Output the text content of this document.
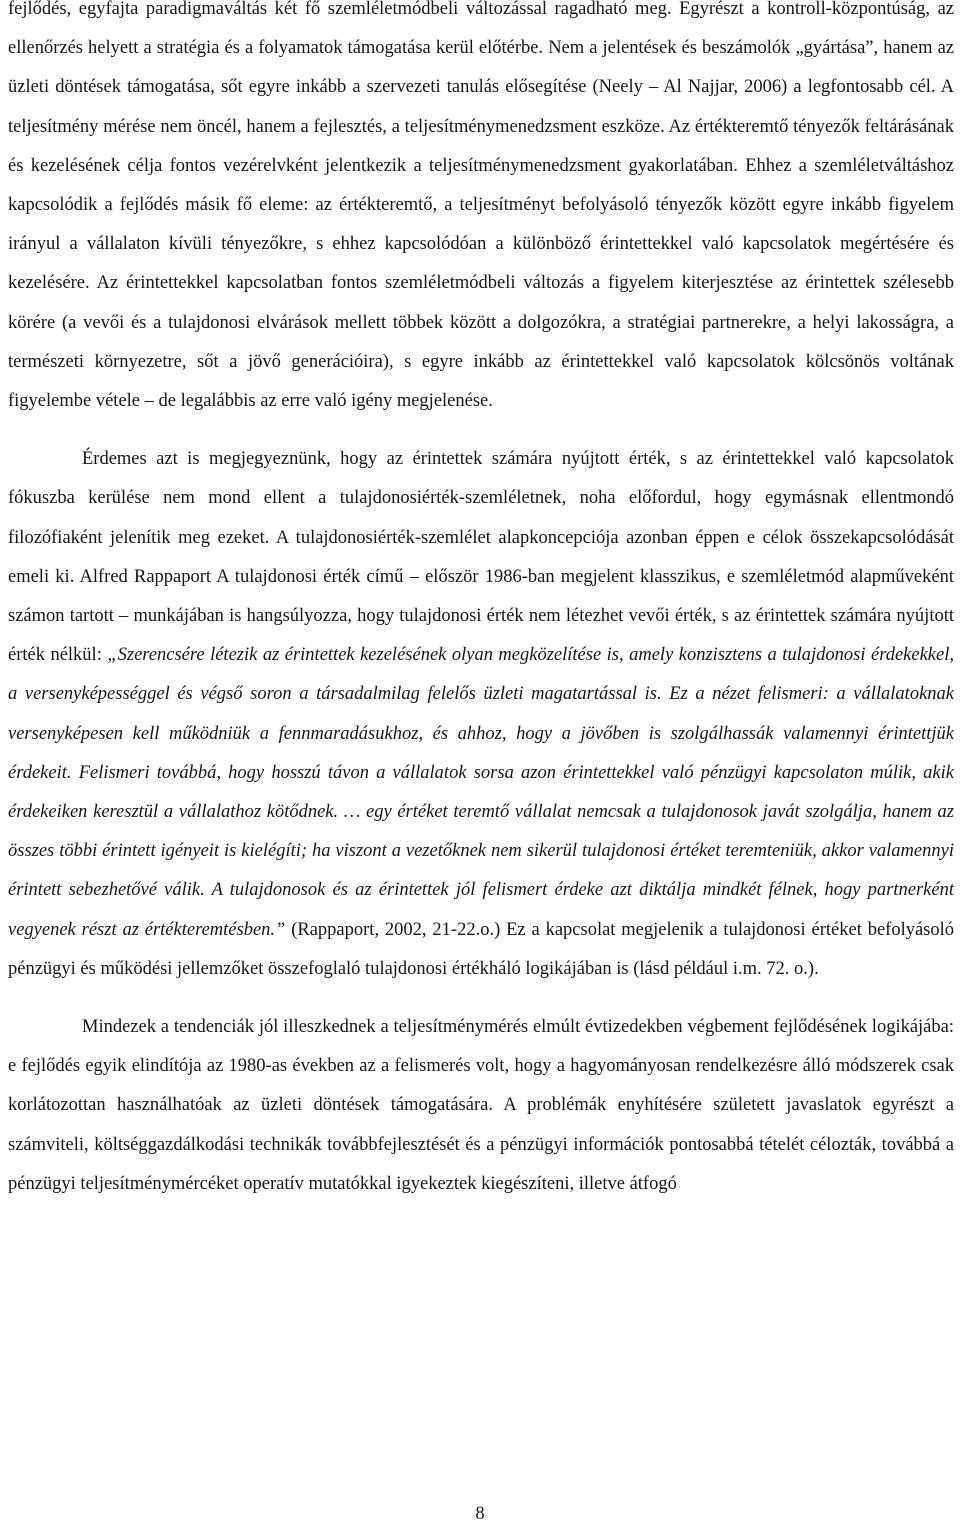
fejlődés, egyfajta paradigmaváltás két fő szemléletmódbeli változással ragadható meg. Egyrészt a kontroll-központúság, az ellenőrzés helyett a stratégia és a folyamatok támogatása kerül előtérbe. Nem a jelentések és beszámolók „gyártása”, hanem az üzleti döntések támogatása, sőt egyre inkább a szervezeti tanulás elősegítése (Neely – Al Najjar, 2006) a legfontosabb cél. A teljesítmény mérése nem öncél, hanem a fejlesztés, a teljesítménymenedzsment eszköze. Az értékteremtő tényezők feltárásának és kezelésének célja fontos vezérelvként jelentkezik a teljesítménymenedzsment gyakorlatában. Ehhez a szemléletváltáshoz kapcsolódik a fejlődés másik fő eleme: az értékteremtő, a teljesítményt befolyásoló tényezők között egyre inkább figyelem irányul a vállalaton kívüli tényezőkre, s ehhez kapcsolódóan a különböző érintettekkel való kapcsolatok megértésére és kezelésére. Az érintettekkel kapcsolatban fontos szemléletmódbeli változás a figyelem kiterjesztése az érintettek szélesebb körére (a vevői és a tulajdonosi elvárások mellett többek között a dolgozókra, a stratégiai partnerekre, a helyi lakosságra, a természeti környezetre, sőt a jövő generációira), s egyre inkább az érintettekkel való kapcsolatok kölcsönös voltának figyelembe vétele – de legalábbis az erre való igény megjelenése.

Érdemes azt is megjegyeznünk, hogy az érintettek számára nyújtott érték, s az érintettekkel való kapcsolatok fókuszba kerülése nem mond ellent a tulajdonosiérték-szemléletnek, noha előfordul, hogy egymásnak ellentmondó filozófiaként jelenítik meg ezeket. A tulajdonosiérték-szemlélet alapkoncepciója azonban éppen e célok összekapcsolódását emeli ki. Alfred Rappaport A tulajdonosi érték című – először 1986-ban megjelent klasszikus, e szemléletmód alapműveként számon tartott – munkájában is hangsúlyozza, hogy tulajdonosi érték nem létezhet vevői érték, s az érintettek számára nyújtott érték nélkül: „Szerencsére létezik az érintettek kezelésének olyan megközelítése is, amely konzisztens a tulajdonosi érdekekkel, a versenyképességgel és végső soron a társadalmilag felelős üzleti magatartással is. Ez a nézet felismeri: a vállalatoknak versenyképesen kell működniük a fennmaradásukhoz, és ahhoz, hogy a jövőben is szolgálhassák valamennyi érintettjük érdekeit. Felismeri továbbá, hogy hosszú távon a vállalatok sorsa azon érintettekkel való pénzügyi kapcsolaton múlik, akik érdekeiken keresztül a vállalathoz kötődnek. … egy értéket teremtő vállalat nemcsak a tulajdonosok javát szolgálja, hanem az összes többi érintett igényeit is kielégíti; ha viszont a vezetőknek nem sikerül tulajdonosi értéket teremteniük, akkor valamennyi érintett sebezhetővé válik. A tulajdonosok és az érintettek jól felismert érdeke azt diktálja mindkét félnek, hogy partnerként vegyenek részt az értékteremtésben.” (Rappaport, 2002, 21-22.o.) Ez a kapcsolat megjelenik a tulajdonosi értéket befolyásoló pénzügyi és működési jellemzőket összefoglaló tulajdonosi értékháló logikájában is (lásd például i.m. 72. o.).

Mindezek a tendenciák jól illeszkednek a teljesítménymérés elmúlt évtizedekben végbement fejlődésének logikájába: e fejlődés egyik elindítója az 1980-as években az a felismerés volt, hogy a hagyományosan rendelkezésre álló módszerek csak korlátozottan használhatóak az üzleti döntések támogatására. A problémák enyhítésére született javaslatok egyrészt a számviteli, költséggazdálkodási technikák továbbfejlesztését és a pénzügyi információk pontosabbá tételét célozták, továbbá a pénzügyi teljesítménymércéket operatív mutatókkal igyekeztek kiegészíteni, illetve átfogó

8
